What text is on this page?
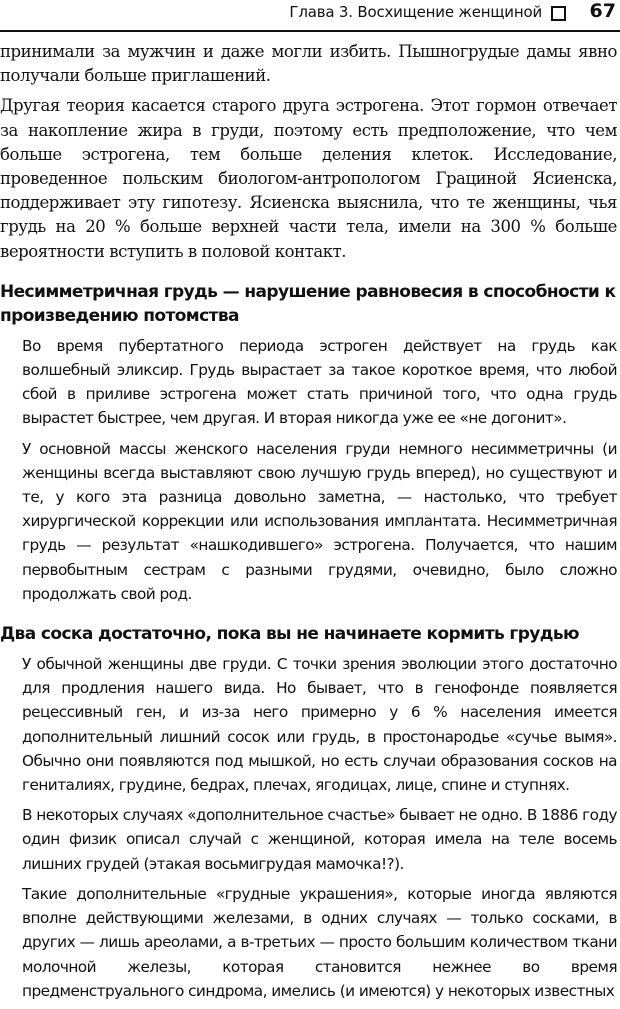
Глава 3. Восхищение женщиной	67

принимали за мужчин и даже могли избить. Пышногрудые дамы явно получали больше приглашений.

Другая теория касается старого друга эстрогена. Этот гормон отвечает за накопление жира в груди, поэтому есть предположение, что чем больше эстрогена, тем больше деления клеток. Исследование, проведенное польским биологом-антропологом Грациной Ясиенска, поддерживает эту гипотезу. Ясиенска выяснила, что те женщины, чья грудь на 20 % больше верхней части тела, имели на 300 % больше вероятности вступить в половой контакт.

Несимметричная грудь — нарушение равновесия в способности к произведению потомства

Во время пубертатного периода эстроген действует на грудь как волшебный эликсир. Грудь вырастает за такое короткое время, что любой сбой в приливе эстрогена может стать причиной того, что одна грудь вырастет быстрее, чем другая. И вторая никогда уже ее «не догонит».

У основной массы женского населения груди немного несимметричны (и женщины всегда выставляют свою лучшую грудь вперед), но существуют и те, у кого эта разница довольно заметна, — настолько, что требует хирургической коррекции или использования имплантата. Несимметричная грудь — результат «нашкодившего» эстрогена. Получается, что нашим первобытным сестрам с разными грудями, очевидно, было сложно продолжать свой род.

Два соска достаточно, пока вы не начинаете кормить грудью

У обычной женщины две груди. С точки зрения эволюции этого достаточно для продления нашего вида. Но бывает, что в генофонде появляется рецессивный ген, и из-за него примерно у 6 % населения имеется дополнительный лишний сосок или грудь, в простонародье «сучье вымя». Обычно они появляются под мышкой, но есть случаи образования сосков на гениталиях, грудине, бедрах, плечах, ягодицах, лице, спине и ступнях.

В некоторых случаях «дополнительное счастье» бывает не одно. В 1886 году один физик описал случай с женщиной, которая имела на теле восемь лишних грудей (этакая восьмигрудая мамочка!?).

Такие дополнительные «грудные украшения», которые иногда являются вполне действующими железами, в одних случаях — только сосками, в других — лишь ареолами, а в-третьих — просто большим количеством ткани молочной железы, которая становится нежнее во время предменструального синдрома, имелись (и имеются) у некоторых известных
